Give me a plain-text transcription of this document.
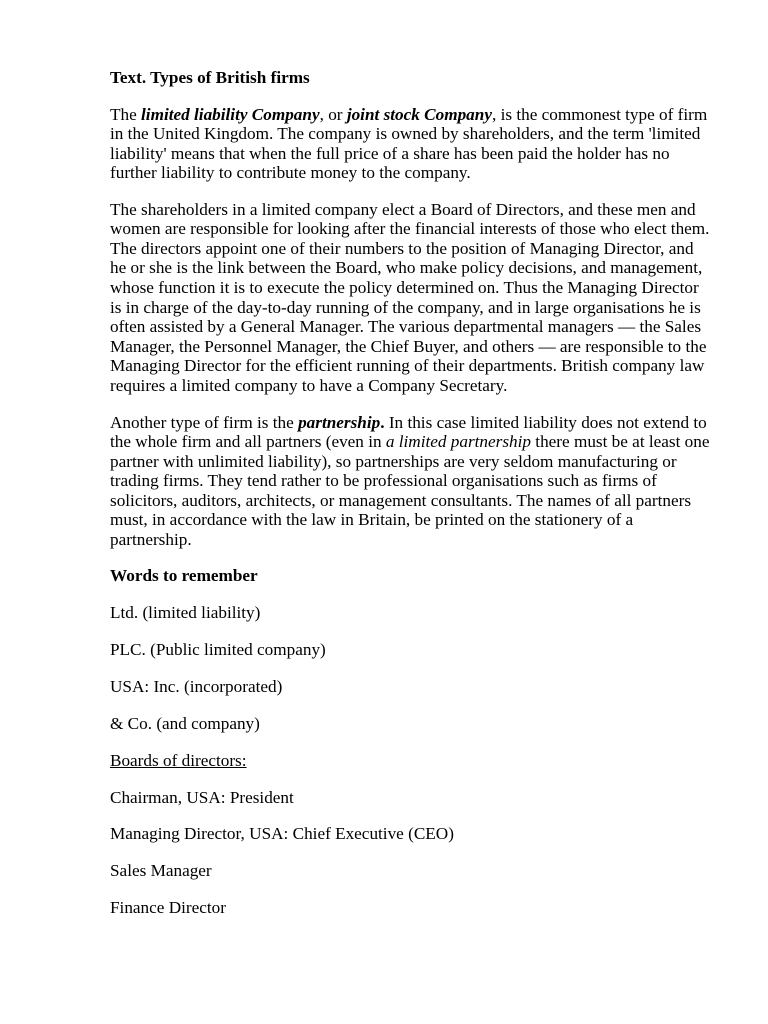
Text. Types of British firms

The limited liability Company, or joint stock Company, is the commonest type of firm in the United Kingdom. The company is owned by shareholders, and the term 'limited liability' means that when the full price of a share has been paid the holder has no further liability to contribute money to the company.

The shareholders in a limited company elect a Board of Directors, and these men and women are responsible for looking after the financial interests of those who elect them. The directors appoint one of their numbers to the position of Managing Director, and he or she is the link between the Board, who make policy decisions, and management, whose function it is to execute the policy determined on. Thus the Managing Director is in charge of the day-to-day running of the company, and in large organisations he is often assisted by a General Manager. The various departmental managers — the Sales Manager, the Personnel Manager, the Chief Buyer, and others — are responsible to the Managing Director for the efficient running of their departments. British company law requires a limited company to have a Company Secretary.

Another type of firm is the partnership. In this case limited liability does not extend to the whole firm and all partners (even in a limited partnership there must be at least one partner with unlimited liability), so partnerships are very seldom manufacturing or trading firms. They tend rather to be professional organisations such as firms of solicitors, auditors, architects, or management consultants. The names of all partners must, in accordance with the law in Britain, be printed on the stationery of a partnership.

Words to remember
Ltd. (limited liability)
PLC. (Public limited company)
USA: Inc. (incorporated)
& Co. (and company)
Boards of directors:
Chairman, USA: President
Managing Director, USA: Chief Executive (CEO)
Sales Manager
Finance Director
